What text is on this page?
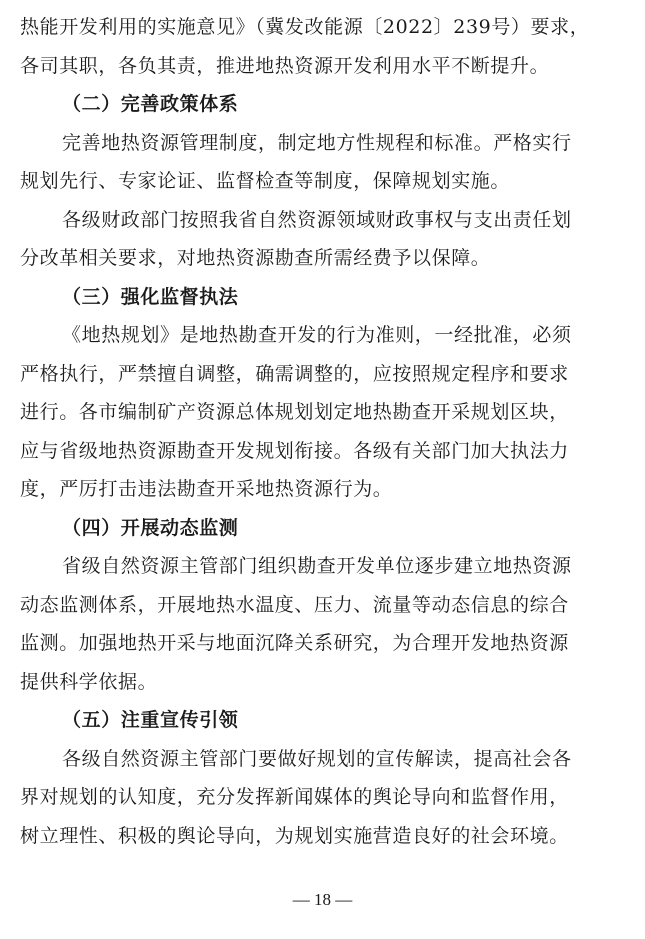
热能开发利用的实施意见》（冀发改能源〔2022〕239号）要求，
各司其职，各负其责，推进地热资源开发利用水平不断提升。
（二）完善政策体系
完善地热资源管理制度，制定地方性规程和标准。严格实行
规划先行、专家论证、监督检查等制度，保障规划实施。
各级财政部门按照我省自然资源领域财政事权与支出责任划
分改革相关要求，对地热资源勘查所需经费予以保障。
（三）强化监督执法
《地热规划》是地热勘查开发的行为准则，一经批准，必须
严格执行，严禁擅自调整，确需调整的，应按照规定程序和要求
进行。各市编制矿产资源总体规划划定地热勘查开采规划区块，
应与省级地热资源勘查开发规划衔接。各级有关部门加大执法力
度，严厉打击违法勘查开采地热资源行为。
（四）开展动态监测
省级自然资源主管部门组织勘查开发单位逐步建立地热资源
动态监测体系，开展地热水温度、压力、流量等动态信息的综合
监测。加强地热开采与地面沉降关系研究，为合理开发地热资源
提供科学依据。
（五）注重宣传引领
各级自然资源主管部门要做好规划的宣传解读，提高社会各
界对规划的认知度，充分发挥新闻媒体的舆论导向和监督作用，
树立理性、积极的舆论导向，为规划实施营造良好的社会环境。
— 18 —
